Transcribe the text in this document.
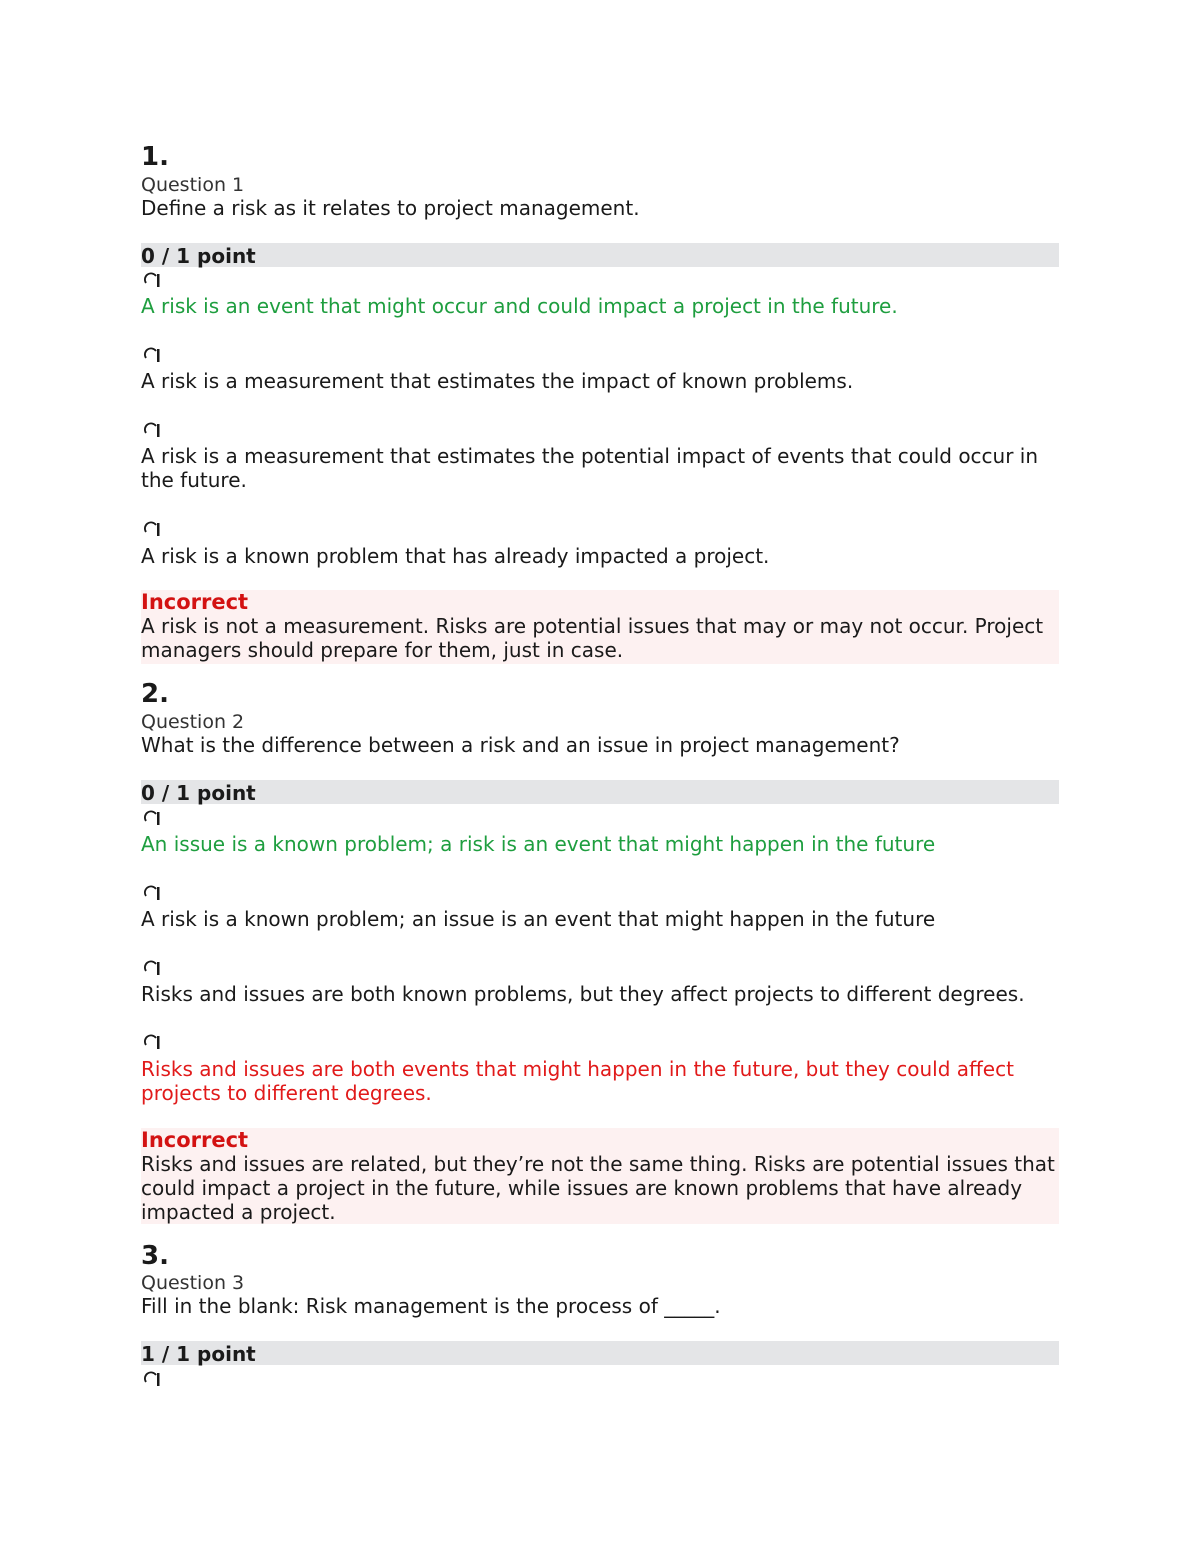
1.
Question 1
Define a risk as it relates to project management.
0 / 1 point
A risk is an event that might occur and could impact a project in the future.
A risk is a measurement that estimates the impact of known problems.
A risk is a measurement that estimates the potential impact of events that could occur in the future.
A risk is a known problem that has already impacted a project.
Incorrect
A risk is not a measurement. Risks are potential issues that may or may not occur. Project managers should prepare for them, just in case.
2.
Question 2
What is the difference between a risk and an issue in project management?
0 / 1 point
An issue is a known problem; a risk is an event that might happen in the future
A risk is a known problem; an issue is an event that might happen in the future
Risks and issues are both known problems, but they affect projects to different degrees.
Risks and issues are both events that might happen in the future, but they could affect projects to different degrees.
Incorrect
Risks and issues are related, but they’re not the same thing. Risks are potential issues that could impact a project in the future, while issues are known problems that have already impacted a project.
3.
Question 3
Fill in the blank: Risk management is the process of _____.
1 / 1 point
